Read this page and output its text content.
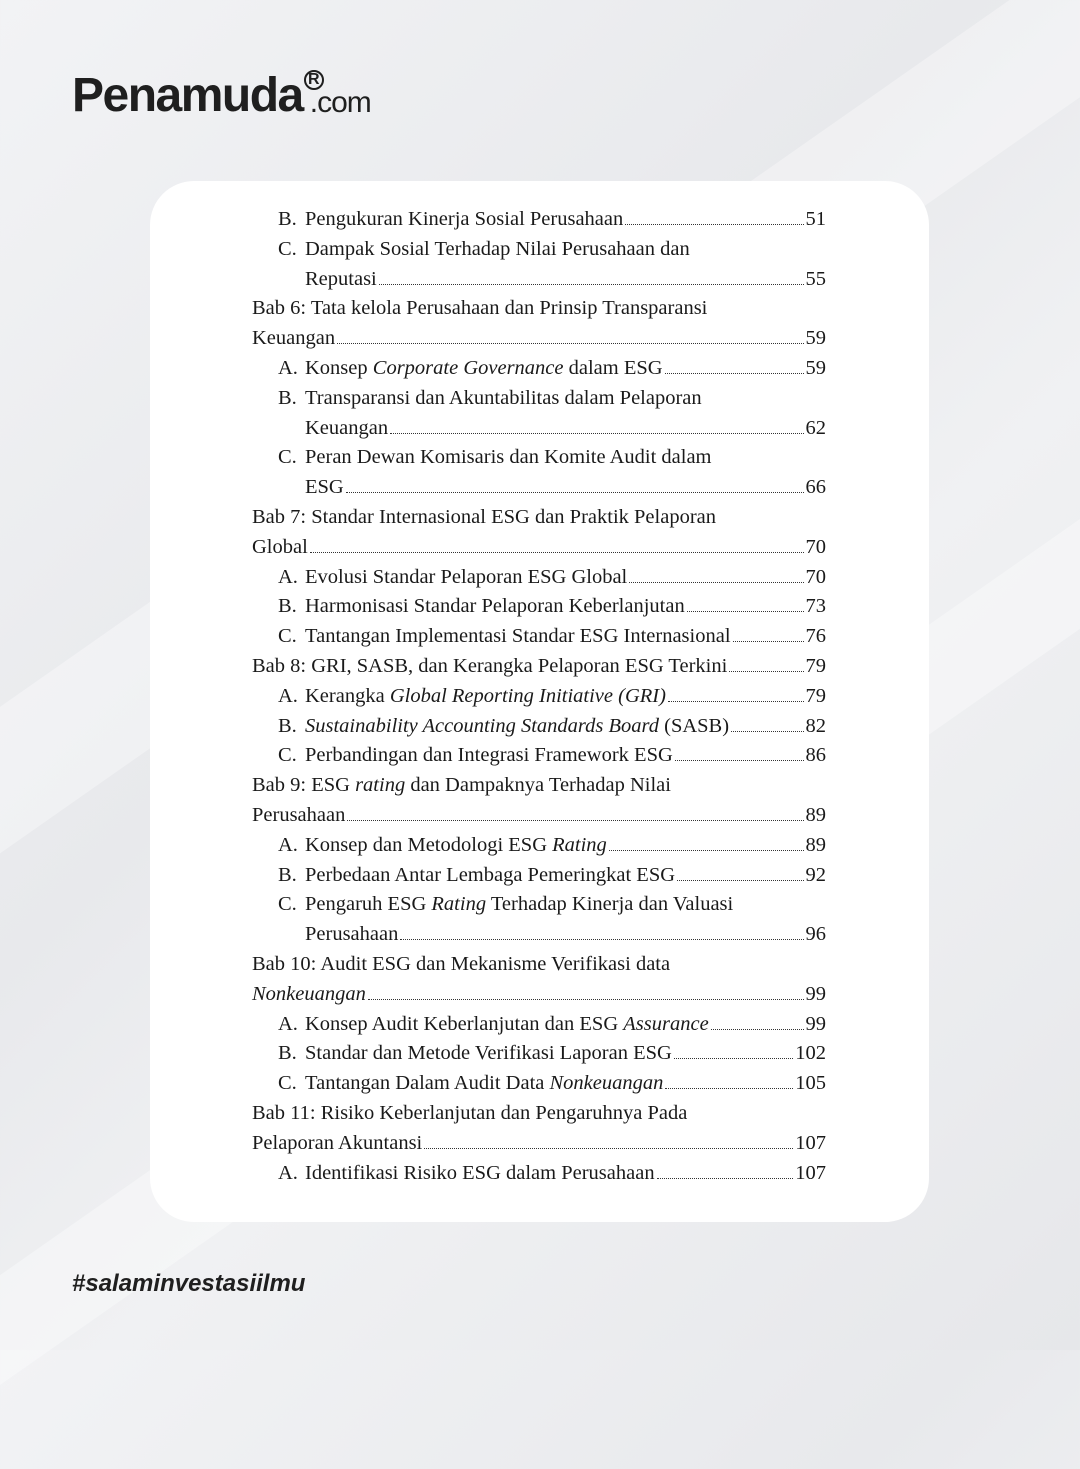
Penamuda R
.com
B. Pengukuran Kinerja Sosial Perusahaan	51
C. Dampak Sosial Terhadap Nilai Perusahaan dan
Reputasi	55
Bab 6: Tata kelola Perusahaan dan Prinsip Transparansi
Keuangan	59
A. Konsep Corporate Governance dalam ESG	59
B. Transparansi dan Akuntabilitas dalam Pelaporan
Keuangan	62
C. Peran Dewan Komisaris dan Komite Audit dalam
ESG	66
Bab 7: Standar Internasional ESG dan Praktik Pelaporan
Global	70
A. Evolusi Standar Pelaporan ESG Global	70
B. Harmonisasi Standar Pelaporan Keberlanjutan	73
C. Tantangan Implementasi Standar ESG Internasional	76
Bab 8: GRI, SASB, dan Kerangka Pelaporan ESG Terkini	79
A. Kerangka Global Reporting Initiative (GRI)	79
B. Sustainability Accounting Standards Board (SASB)	82
C. Perbandingan dan Integrasi Framework ESG	86
Bab 9: ESG rating dan Dampaknya Terhadap Nilai
Perusahaan	89
A. Konsep dan Metodologi ESG Rating	89
B. Perbedaan Antar Lembaga Pemeringkat ESG	92
C. Pengaruh ESG Rating Terhadap Kinerja dan Valuasi
Perusahaan	96
Bab 10: Audit ESG dan Mekanisme Verifikasi data
Nonkeuangan	99
A. Konsep Audit Keberlanjutan dan ESG Assurance	99
B. Standar dan Metode Verifikasi Laporan ESG	102
C. Tantangan Dalam Audit Data Nonkeuangan	105
Bab 11: Risiko Keberlanjutan dan Pengaruhnya Pada
Pelaporan Akuntansi	107
A. Identifikasi Risiko ESG dalam Perusahaan	107
#salaminvestasiilmu
